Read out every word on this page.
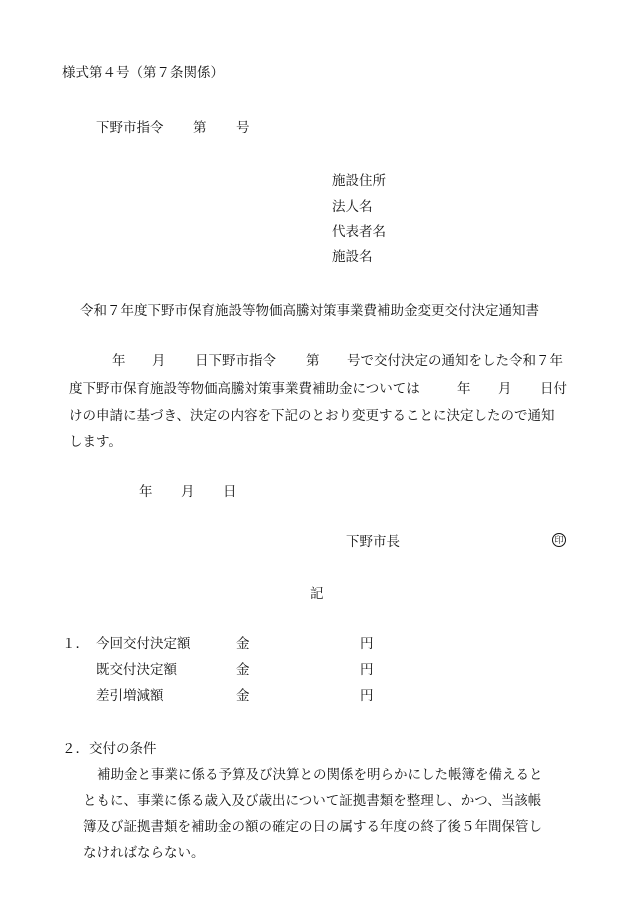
様式第４号（第７条関係）
下野市指令 第 号
施設住所
法人名
代表者名
施設名
令和７年度下野市保育施設等物価高騰対策事業費補助金変更交付決定通知書
年 月 日下野市指令 第 号で交付決定の通知をした令和７年
度下野市保育施設等物価高騰対策事業費補助金については	年 月 日付
けの申請に基づき、決定の内容を下記のとおり変更することに決定したので通知
します。
年 月 日
下野市長	印
記
１． 今回交付決定額	金	円
既交付決定額	金	円
差引増減額	金	円
２．交付の条件
補助金と事業に係る予算及び決算との関係を明らかにした帳簿を備えると
ともに、事業に係る歳入及び歳出について証拠書類を整理し、かつ、当該帳
簿及び証拠書類を補助金の額の確定の日の属する年度の終了後５年間保管し
なければならない。
